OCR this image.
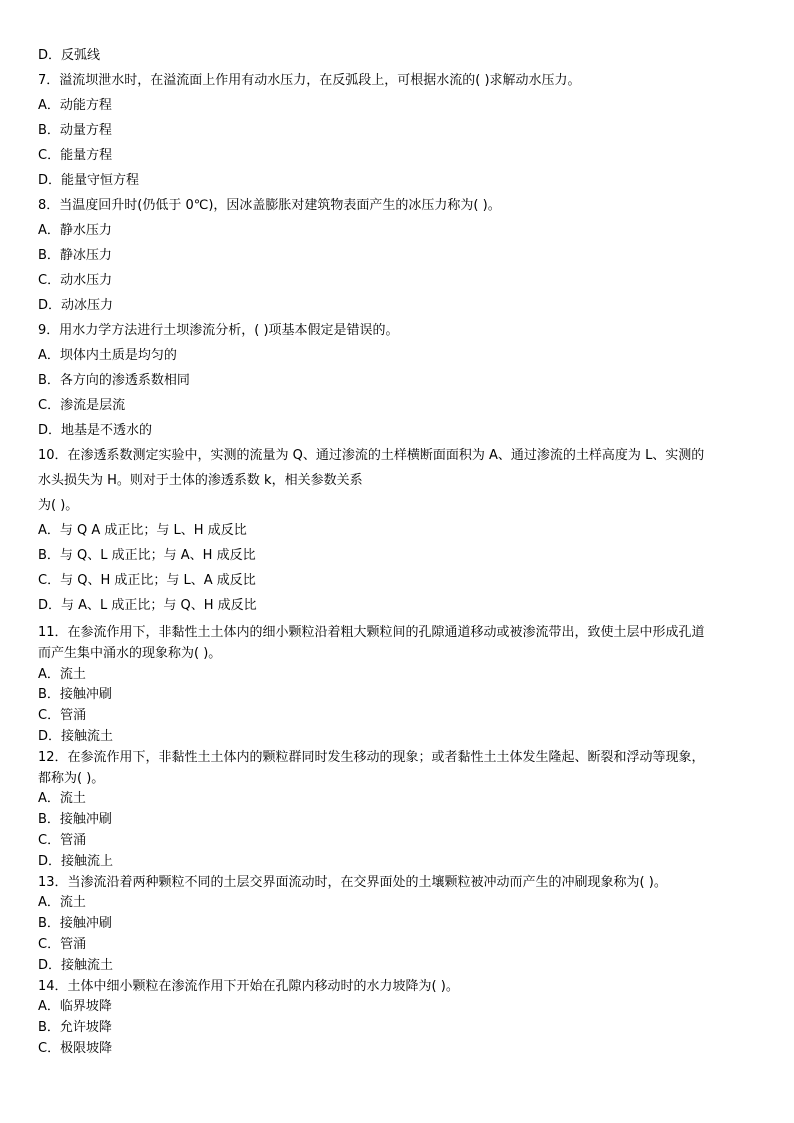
D．反弧线

7．溢流坝泄水时，在溢流面上作用有动水压力，在反弧段上，可根据水流的( )求解动水压力。

A．动能方程

B．动量方程

C．能量方程

D．能量守恒方程

8．当温度回升时(仍低于 0℃)，因冰盖膨胀对建筑物表面产生的冰压力称为( )。

A．静水压力

B．静冰压力

C．动水压力

D．动冰压力

9．用水力学方法进行土坝渗流分析，( )项基本假定是错误的。

A．坝体内土质是均匀的

B．各方向的渗透系数相同

C．渗流是层流

D．地基是不透水的

10．在渗透系数测定实验中，实测的流量为 Q、通过渗流的土样横断面面积为 A、通过渗流的土样高度为 L、实测的

水头损失为 H。则对于土体的渗透系数 k，相关参数关系

为( )。

A．与 Q A 成正比；与 L、H 成反比

B．与 Q、L 成正比；与 A、H 成反比

C．与 Q、H 成正比；与 L、A 成反比

D．与 A、L 成正比；与 Q、H 成反比

11．在参流作用下，非黏性土土体内的细小颗粒沿着粗大颗粒间的孔隙通道移动或被渗流带出，致使土层中形成孔道

而产生集中涌水的现象称为( )。

A．流土

B．接触冲刷

C．管涌

D．接触流土

12．在参流作用下，非黏性土土体内的颗粒群同时发生移动的现象；或者黏性土土体发生隆起、断裂和浮动等现象，

都称为( )。

A．流土

B．接触冲刷

C．管涌

D．接触流上

13．当渗流沿着两种颗粒不同的土层交界面流动时，在交界面处的土壤颗粒被冲动而产生的冲刷现象称为( )。

A．流土

B．接触冲刷

C．管涌

D．接触流土

14．土体中细小颗粒在渗流作用下开始在孔隙内移动时的水力坡降为( )。

A．临界坡降

B．允许坡降

C．极限坡降
